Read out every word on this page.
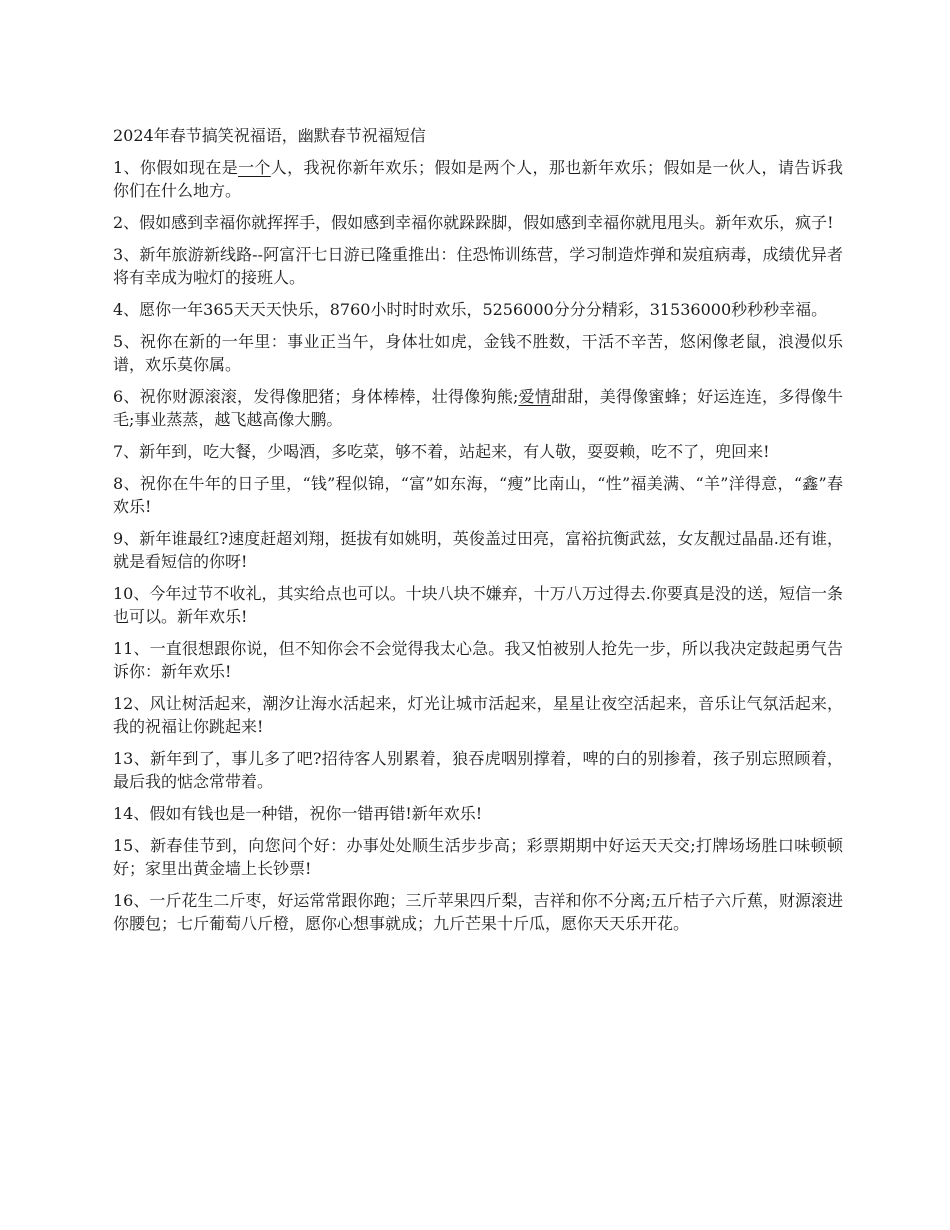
2024年春节搞笑祝福语，幽默春节祝福短信

1、你假如现在是一个人，我祝你新年欢乐；假如是两个人，那也新年欢乐；假如是一伙人，请告诉我你们在什么地方。

2、假如感到幸福你就挥挥手，假如感到幸福你就跺跺脚，假如感到幸福你就甩甩头。新年欢乐，疯子!

3、新年旅游新线路--阿富汗七日游已隆重推出：住恐怖训练营，学习制造炸弹和炭疽病毒，成绩优异者将有幸成为啦灯的接班人。

4、愿你一年365天天天快乐，8760小时时时欢乐，5256000分分分精彩，31536000秒秒秒幸福。

5、祝你在新的一年里：事业正当午，身体壮如虎，金钱不胜数，干活不辛苦，悠闲像老鼠，浪漫似乐谱，欢乐莫你属。

6、祝你财源滚滚，发得像肥猪；身体棒棒，壮得像狗熊;爱情甜甜，美得像蜜蜂；好运连连，多得像牛毛;事业蒸蒸，越飞越高像大鹏。

7、新年到，吃大餐，少喝酒，多吃菜，够不着，站起来，有人敬，耍耍赖，吃不了，兜回来!

8、祝你在牛年的日子里，“钱”程似锦，“富”如东海，“瘦”比南山，“性”福美满、“羊”洋得意，“鑫”春欢乐!

9、新年谁最红?速度赶超刘翔，挺拔有如姚明，英俊盖过田亮，富裕抗衡武兹，女友靓过晶晶.还有谁，就是看短信的你呀!

10、今年过节不收礼，其实给点也可以。十块八块不嫌弃，十万八万过得去.你要真是没的送，短信一条也可以。新年欢乐!

11、一直很想跟你说，但不知你会不会觉得我太心急。我又怕被别人抢先一步，所以我决定鼓起勇气告诉你：新年欢乐!

12、风让树活起来，潮汐让海水活起来，灯光让城市活起来，星星让夜空活起来，音乐让气氛活起来，我的祝福让你跳起来!

13、新年到了，事儿多了吧?招待客人别累着，狼吞虎咽别撑着，啤的白的别掺着，孩子别忘照顾着，最后我的惦念常带着。

14、假如有钱也是一种错，祝你一错再错!新年欢乐!

15、新春佳节到，向您问个好：办事处处顺生活步步高；彩票期期中好运天天交;打牌场场胜口味顿顿好；家里出黄金墙上长钞票!

16、一斤花生二斤枣，好运常常跟你跑；三斤苹果四斤梨，吉祥和你不分离;五斤桔子六斤蕉，财源滚进你腰包；七斤葡萄八斤橙，愿你心想事就成；九斤芒果十斤瓜，愿你天天乐开花。
